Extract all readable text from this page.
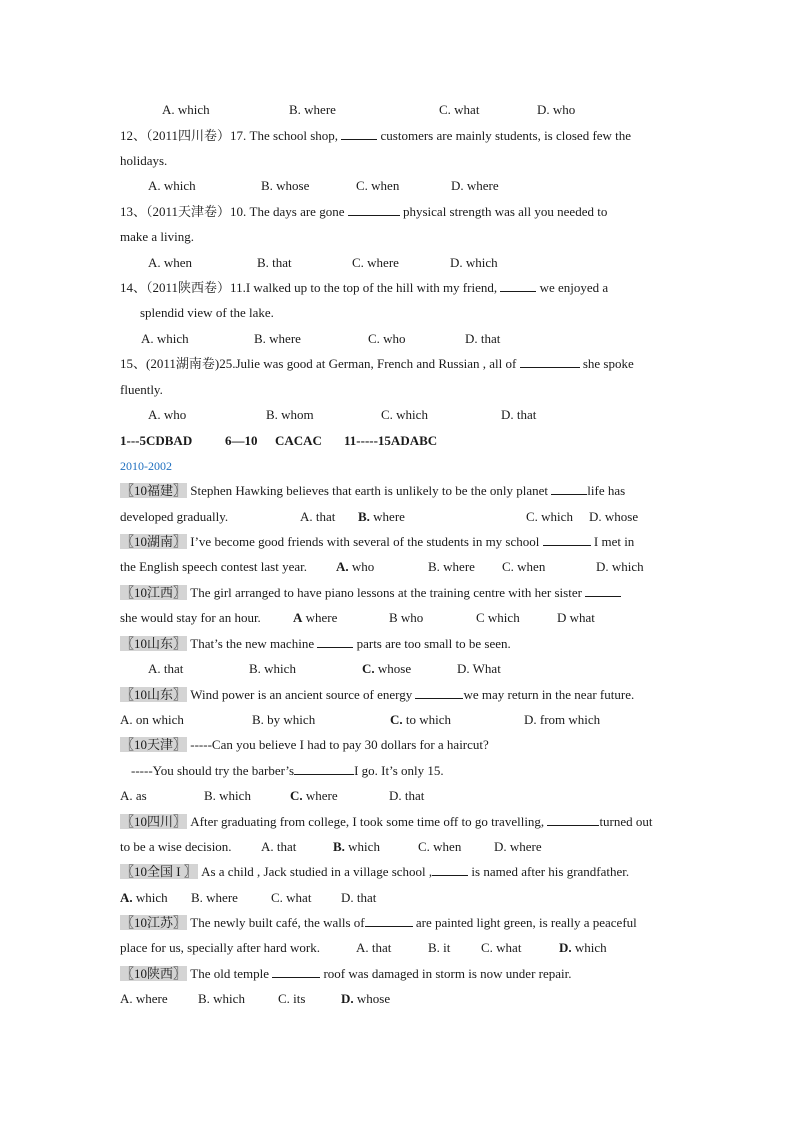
A. which	B. where	C. what	D. who
12、（2011四川卷）17. The school shop,	customers are mainly students, is closed few the
holidays.
A. which	B. whose	C. when	D. where
13、（2011天津卷）10. The days are gone	physical strength was all you needed to
make a living.
A. when	B. that	C. where	D. which
14、（2011陕西卷）11.I walked up to the top of the hill with my friend,	we enjoyed a
splendid view of the lake.
A. which	B. where	C. who	D. that
15、(2011湖南卷)25.Julie was good at German, French and Russian , all of	she spoke
fluently.
A. who	B. whom	C. which	D. that
1---5CDBAD	6—10 CACAC 11-----15ADABC
2010-2002
〖10福建〗 Stephen Hawking believes that earth is unlikely to be the only planet	life has
developed gradually.	A. that B. where	C. which D. whose
〖10湖南〗 I’ve become good friends with several of the students in my school	I met in
the English speech contest last year. A. who	B. where C. when	D. which
〖10江西〗 The girl arranged to have piano lessons at the training centre with her sister
she would stay for an hour. A where	B who	C which	D what
〖10山东〗 That’s the new machine	parts are too small to be seen.
A. that	B. which	C. whose	D. What
〖10山东〗 Wind power is an ancient source of energy	we may return in the near future.
A. on which	B. by which	C. to which	D. from which
〖10天津〗 -----Can you believe I had to pay 30 dollars for a haircut?
-----You should try the barber’s	I go. It’s only 15.
A. as	B. which	C. where	D. that
〖10四川〗 After graduating from college, I took some time off to go travelling,	turned out
to be a wise decision. A. that	B. which	C. when	D. where
〖10全国 I 〗 As a child , Jack studied in a village school ,	is named after his grandfather.
A. which B. where	C. what D. that
〖10江苏〗 The newly built café, the walls of	are painted light green, is really a peaceful
place for us, specially after hard work.	A. that	B. it C. what	D. which
〖10陕西〗 The old temple	roof was damaged in storm is now under repair.
A. where B. which	C. its	D. whose
